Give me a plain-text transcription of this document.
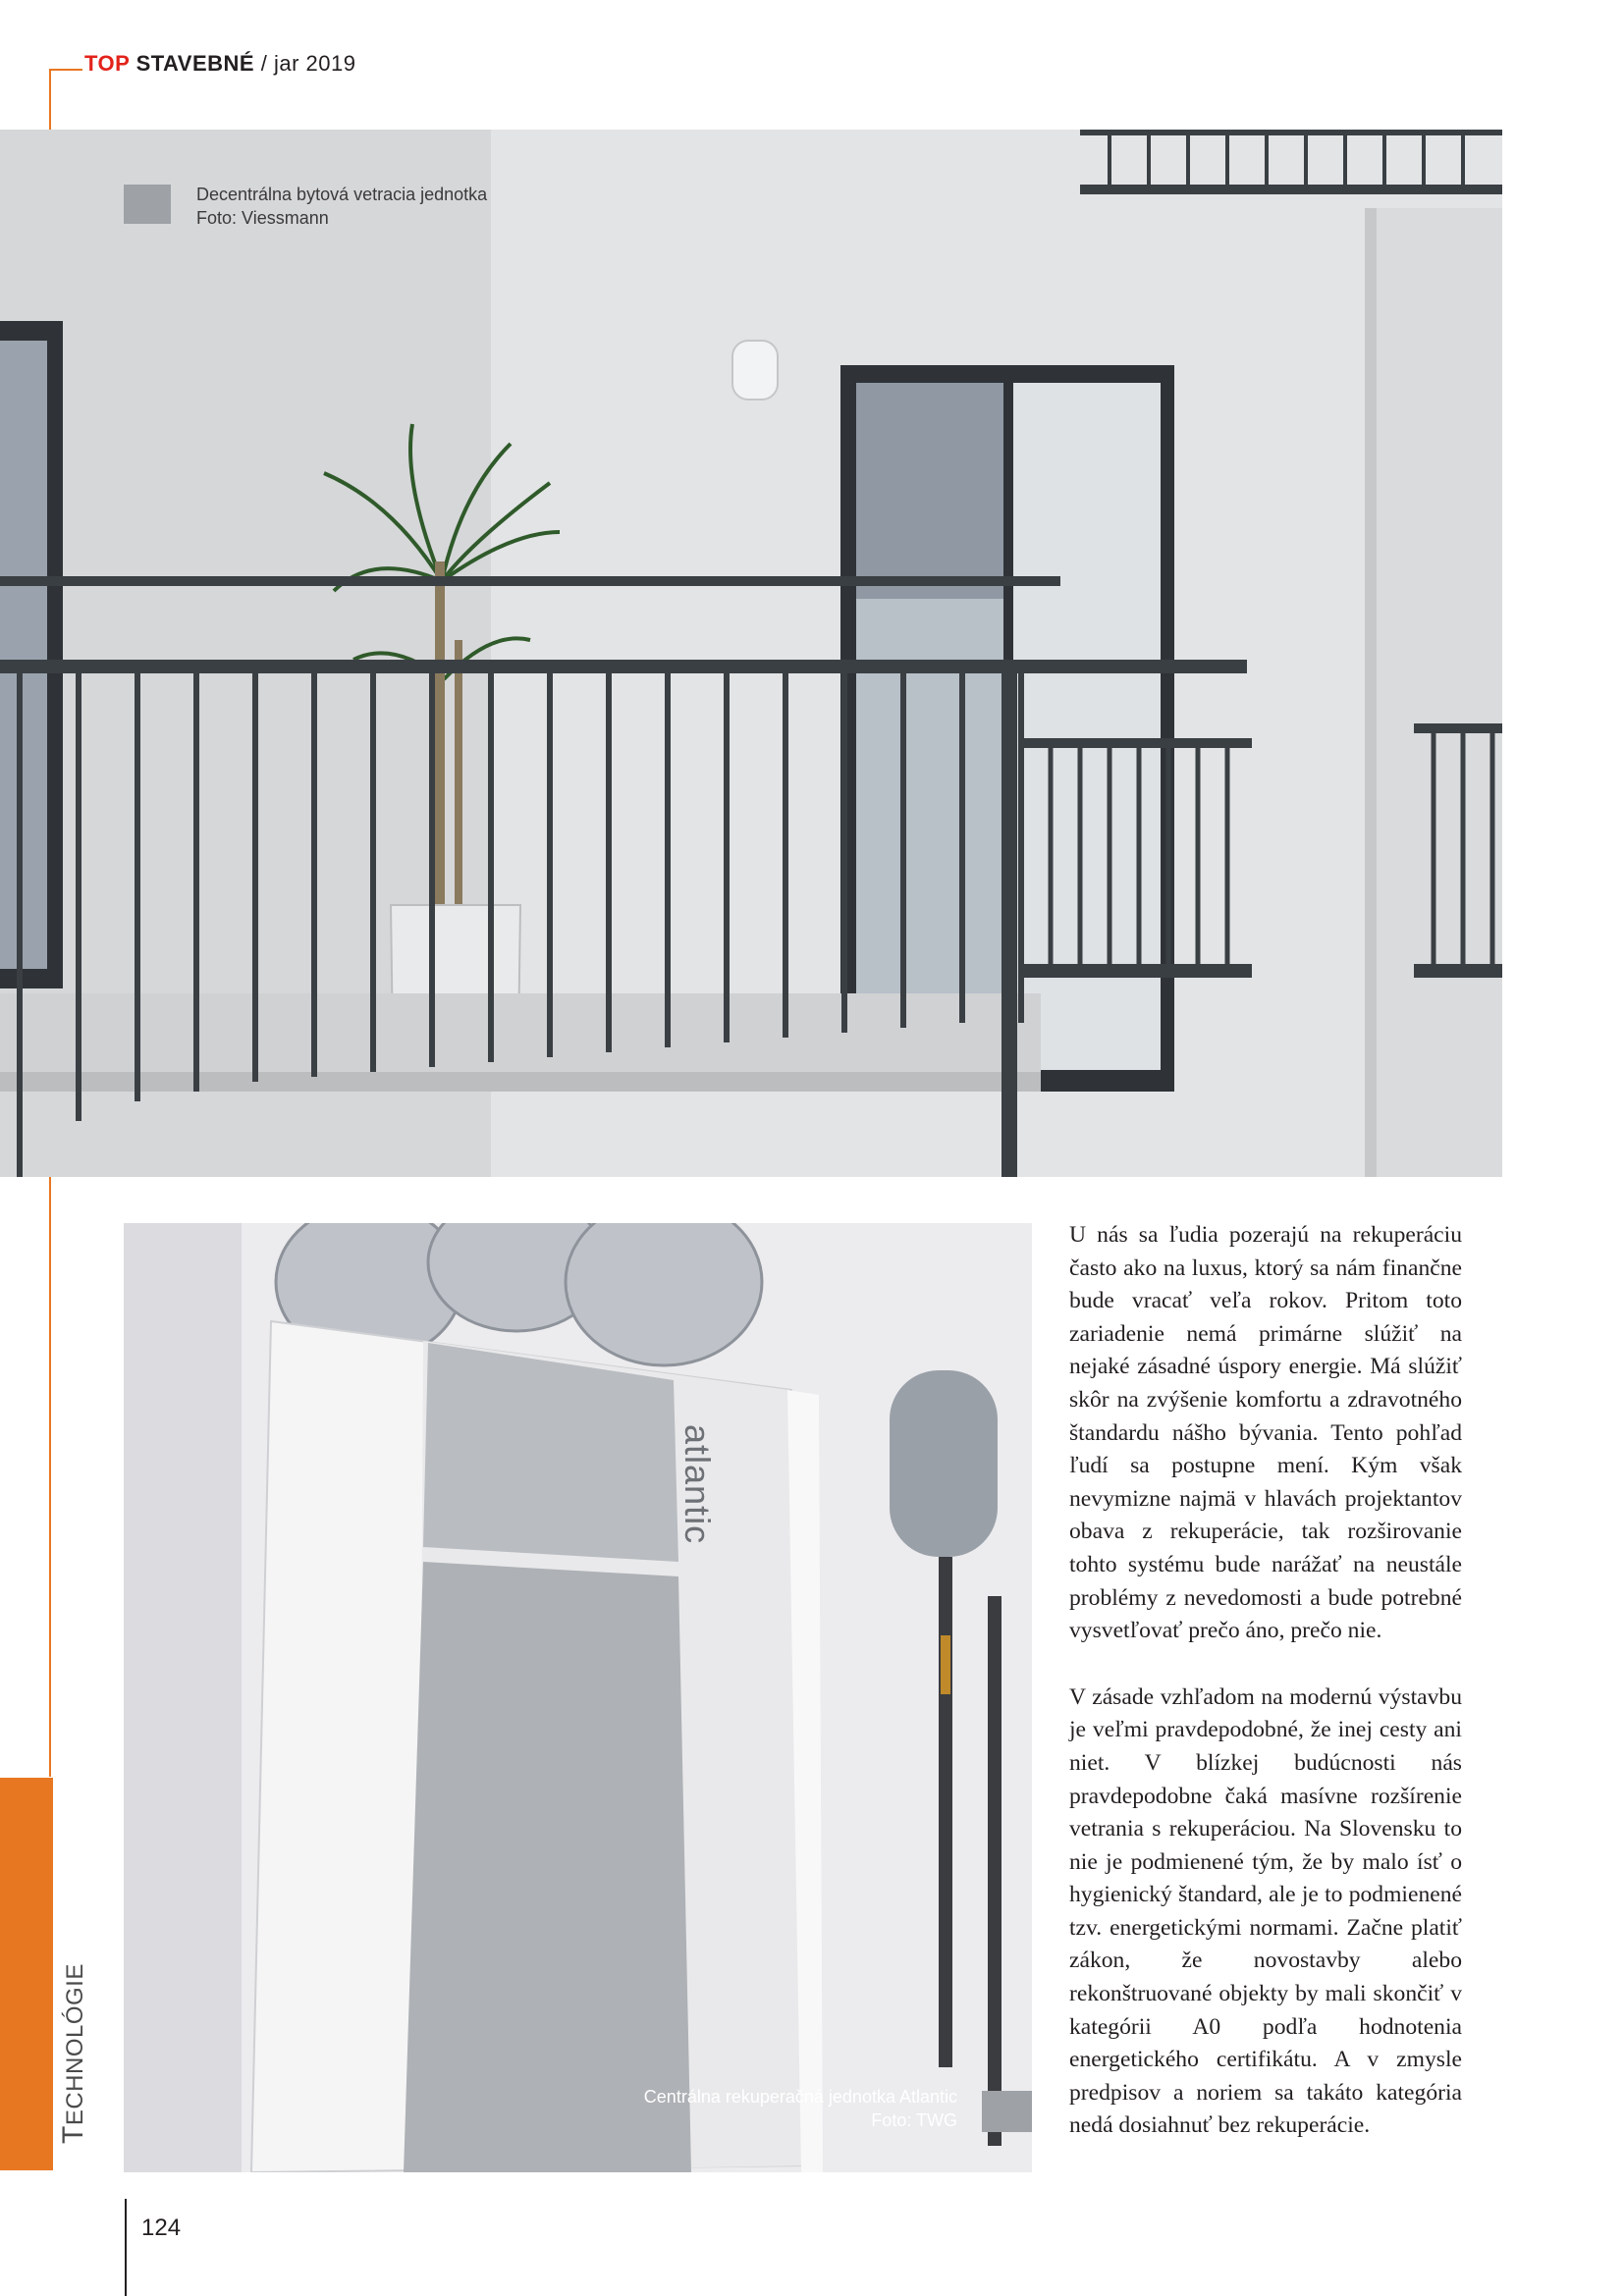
TOP STAVEBNÉ / jar 2019
Decentrálna bytová vetracia jednotka
Foto: Viessmann
atlantic
Centrálna rekuperačná jednotka Atlantic
Foto: TWG

U nás sa ľudia pozerajú na rekuperáciu často ako na luxus, ktorý sa nám finančne bude vracať veľa rokov. Pritom toto zariadenie nemá primárne slúžiť na nejaké zásadné úspory energie. Má slúžiť skôr na zvýšenie komfortu a zdravotného štandardu nášho bývania. Tento pohľad ľudí sa postupne mení. Kým však nevymizne najmä v hlavách projektantov obava z rekuperácie, tak rozširovanie tohto systému bude narážať na neustále problémy z nevedomosti a bude potrebné vysvetľovať prečo áno, prečo nie.

V zásade vzhľadom na modernú výstavbu je veľmi pravdepodobné, že inej cesty ani niet. V blízkej budúcnosti nás pravdepodobne čaká masívne rozšírenie vetrania s rekuperáciou. Na Slovensku to nie je podmienené tým, že by malo ísť o hygienický štandard, ale je to podmienené tzv. energetickými normami. Začne platiť zákon, že novostavby alebo rekonštruované objekty by mali skončiť v kategórii A0 podľa hodnotenia energetického certifikátu. A v zmysle predpisov a noriem sa takáto kategória nedá dosiahnuť bez rekuperácie.

TECHNOLÓGIE
124
